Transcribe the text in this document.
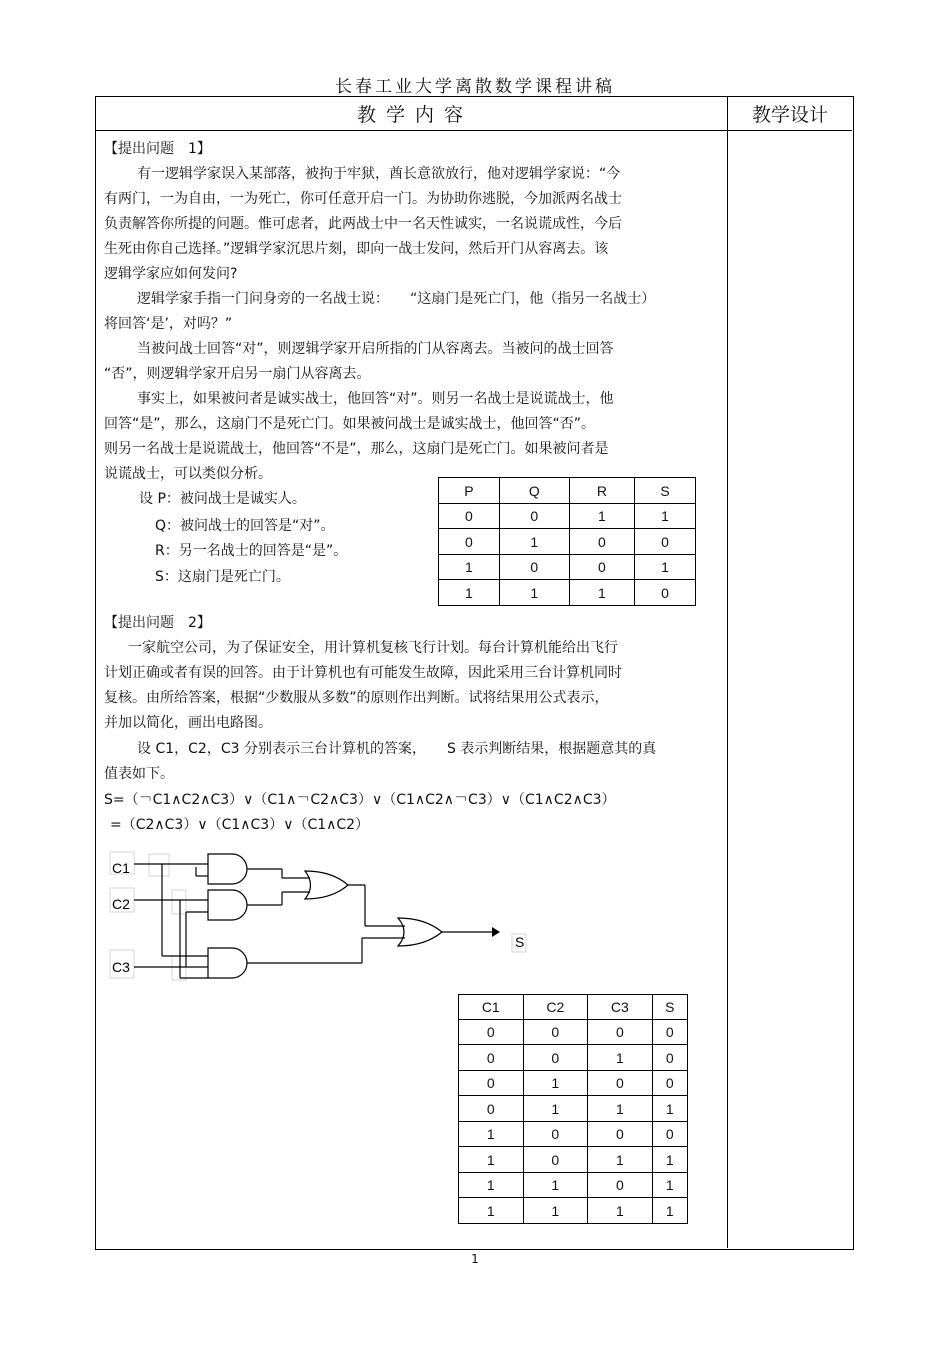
长春工业大学离散数学课程讲稿
教 学 内 容	教学设计
【提出问题　1】
有一逻辑学家误入某部落，被拘于牢狱，酋长意欲放行，他对逻辑学家说：“今
有两门，一为自由，一为死亡，你可任意开启一门。为协助你逃脱，今加派两名战士
负责解答你所提的问题。惟可虑者，此两战士中一名天性诚实，一名说谎成性，今后
生死由你自己选择。”逻辑学家沉思片刻，即向一战士发问，然后开门从容离去。该
逻辑学家应如何发问?
逻辑学家手指一门问身旁的一名战士说：　　“这扇门是死亡门，他（指另一名战士）
将回答‘是’，对吗？”
当被问战士回答“对”，则逻辑学家开启所指的门从容离去。当被问的战士回答
“否”，则逻辑学家开启另一扇门从容离去。
事实上，如果被问者是诚实战士，他回答“对”。则另一名战士是说谎战士，他
回答“是”，那么，这扇门不是死亡门。如果被问战士是诚实战士，他回答“否”。
则另一名战士是说谎战士，他回答“不是”，那么，这扇门是死亡门。如果被问者是
说谎战士，可以类似分析。
设 P：被问战士是诚实人。
Q：被问战士的回答是“对”。
R：另一名战士的回答是“是”。
S：这扇门是死亡门。
P	Q	R	S
0	0	1	1
0	1	0	0
1	0	0	1
1	1	1	0
【提出问题　2】
一家航空公司，为了保证安全，用计算机复核飞行计划。每台计算机能给出飞行
计划正确或者有误的回答。由于计算机也有可能发生故障，因此采用三台计算机同时
复核。由所给答案，根据“少数服从多数”的原则作出判断。试将结果用公式表示，
并加以简化，画出电路图。
设 C1，C2，C3 分别表示三台计算机的答案，　　S 表示判断结果，根据题意其的真
值表如下。
S=（￢C1∧C2∧C3）∨（C1∧￢C2∧C3）∨（C1∧C2∧￢C3）∨（C1∧C2∧C3）
=（C2∧C3）∨（C1∧C3）∨（C1∧C2）
C1
C2
C3
S
C1	C2	C3	S
0	0	0	0
0	0	1	0
0	1	0	0
0	1	1	1
1	0	0	0
1	0	1	1
1	1	0	1
1	1	1	1
1
